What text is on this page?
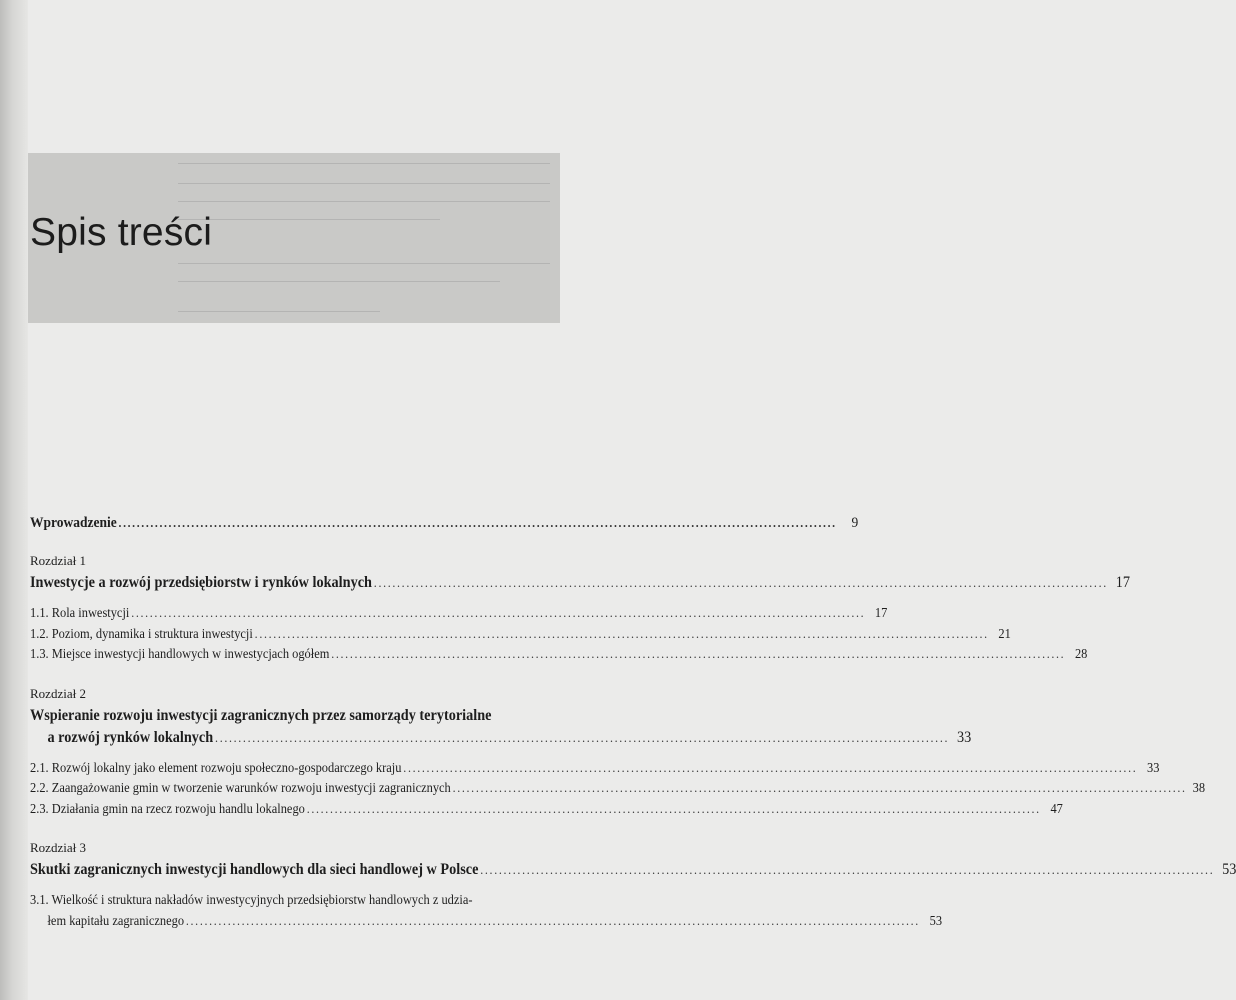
Spis treści
Wprowadzenie .............................................................................................................................................................. 9
Rozdział 1
Inwestycje a rozwój przedsiębiorstw i rynków lokalnych .............................................................................................................................................................. 17
1.1. Rola inwestycji .............................................................................................................................................................. 17
1.2. Poziom, dynamika i struktura inwestycji .............................................................................................................................................................. 21
1.3. Miejsce inwestycji handlowych w inwestycjach ogółem .............................................................................................................................................................. 28
Rozdział 2
Wspieranie rozwoju inwestycji zagranicznych przez samorządy terytorialne
a rozwój rynków lokalnych .............................................................................................................................................................. 33
2.1. Rozwój lokalny jako element rozwoju społeczno-gospodarczego kraju .............................................................................................................................................................. 33
2.2. Zaangażowanie gmin w tworzenie warunków rozwoju inwestycji zagranicznych .............................................................................................................................................................. 38
2.3. Działania gmin na rzecz rozwoju handlu lokalnego .............................................................................................................................................................. 47
Rozdział 3
Skutki zagranicznych inwestycji handlowych dla sieci handlowej w Polsce .............................................................................................................................................................. 53
3.1. Wielkość i struktura nakładów inwestycyjnych przedsiębiorstw handlowych z udzia-
łem kapitału zagranicznego .............................................................................................................................................................. 53
